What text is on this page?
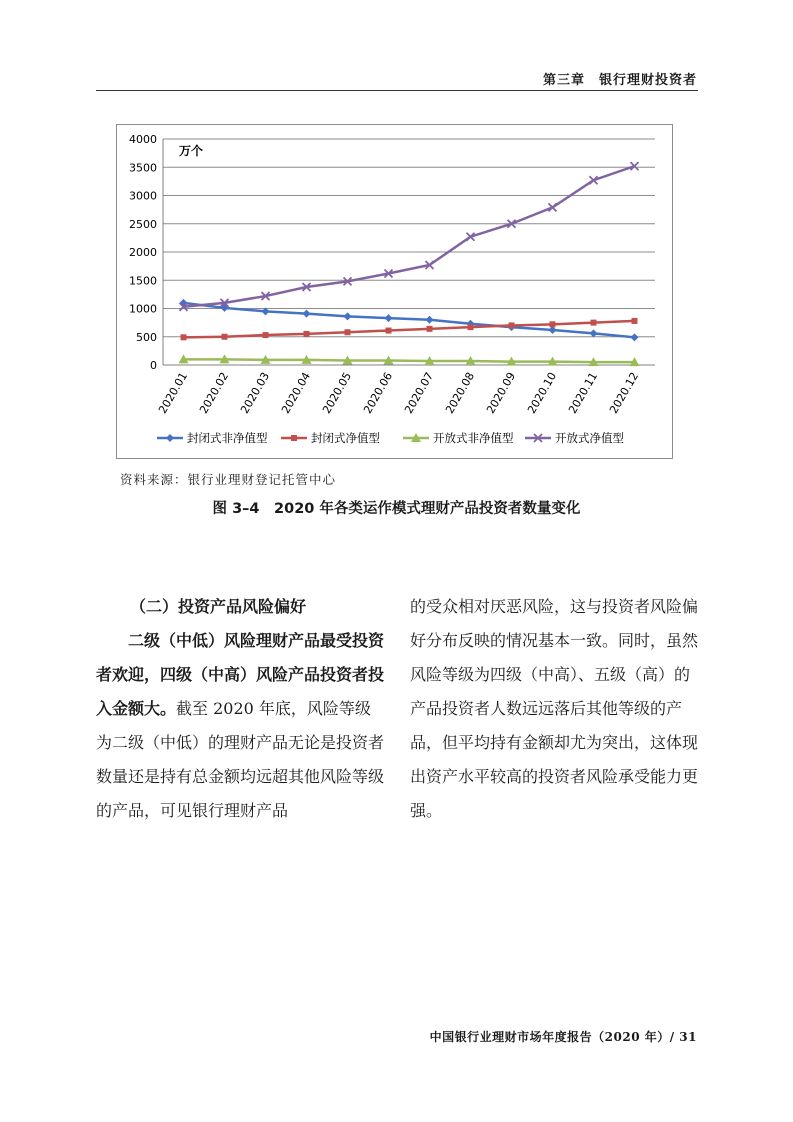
第三章　银行理财投资者
0
500
1000
1500
2000
2500
3000
3500
4000
万个
2020.01 2020.02 2020.03 2020.04 2020.05 2020.06 2020.07 2020.08 2020.09 2020.10 2020.11 2020.12
封闭式非净值型	封闭式净值型	开放式非净值型	开放式净值型
资料来源：银行业理财登记托管中心
图 3–4　2020 年各类运作模式理财产品投资者数量变化

（二）投资产品风险偏好

二级（中低）风险理财产品最受投资者欢迎，四级（中高）风险产品投资者投入金额大。截至 2020 年底，风险等级为二级（中低）的理财产品无论是投资者数量还是持有总金额均远超其他风险等级的产品，可见银行理财产品

的受众相对厌恶风险，这与投资者风险偏好分布反映的情况基本一致。同时，虽然风险等级为四级（中高）、五级（高）的产品投资者人数远远落后其他等级的产品，但平均持有金额却尤为突出，这体现出资产水平较高的投资者风险承受能力更强。

中国银行业理财市场年度报告（2020 年）/ 31
